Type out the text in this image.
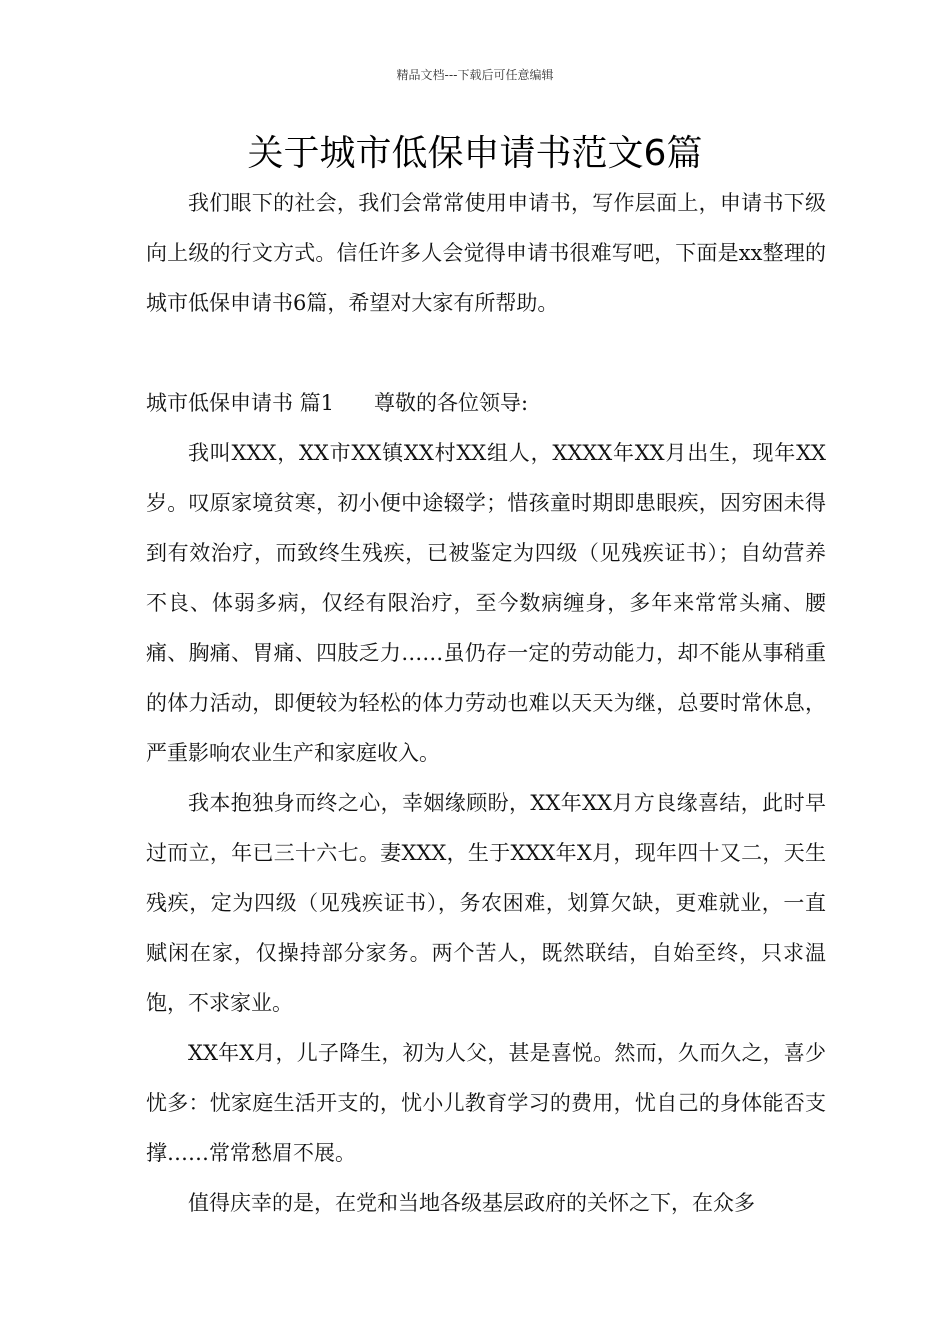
精品文档---下载后可任意编辑
关于城市低保申请书范文6篇

我们眼下的社会，我们会常常使用申请书，写作层面上，申请书下级向上级的行文方式。信任许多人会觉得申请书很难写吧，下面是xx整理的城市低保申请书6篇，希望对大家有所帮助。

城市低保申请书 篇1 尊敬的各位领导:

我叫XXX，XX市XX镇XX村XX组人，XXXX年XX月出生，现年XX岁。叹原家境贫寒，初小便中途辍学；惜孩童时期即患眼疾，因穷困未得到有效治疗，而致终生残疾，已被鉴定为四级（见残疾证书）；自幼营养不良、体弱多病，仅经有限治疗，至今数病缠身，多年来常常头痛、腰痛、胸痛、胃痛、四肢乏力……虽仍存一定的劳动能力，却不能从事稍重的体力活动，即便较为轻松的体力劳动也难以天天为继，总要时常休息，严重影响农业生产和家庭收入。

我本抱独身而终之心，幸姻缘顾盼，XX年XX月方良缘喜结，此时早过而立，年已三十六七。妻XXX，生于XXX年X月，现年四十又二，天生残疾，定为四级（见残疾证书），务农困难，划算欠缺，更难就业，一直赋闲在家，仅操持部分家务。两个苦人，既然联结，自始至终，只求温饱，不求家业。

XX年X月，儿子降生，初为人父，甚是喜悦。然而，久而久之，喜少忧多：忧家庭生活开支的，忧小儿教育学习的费用，忧自己的身体能否支撑……常常愁眉不展。

值得庆幸的是，在党和当地各级基层政府的关怀之下，在众多
